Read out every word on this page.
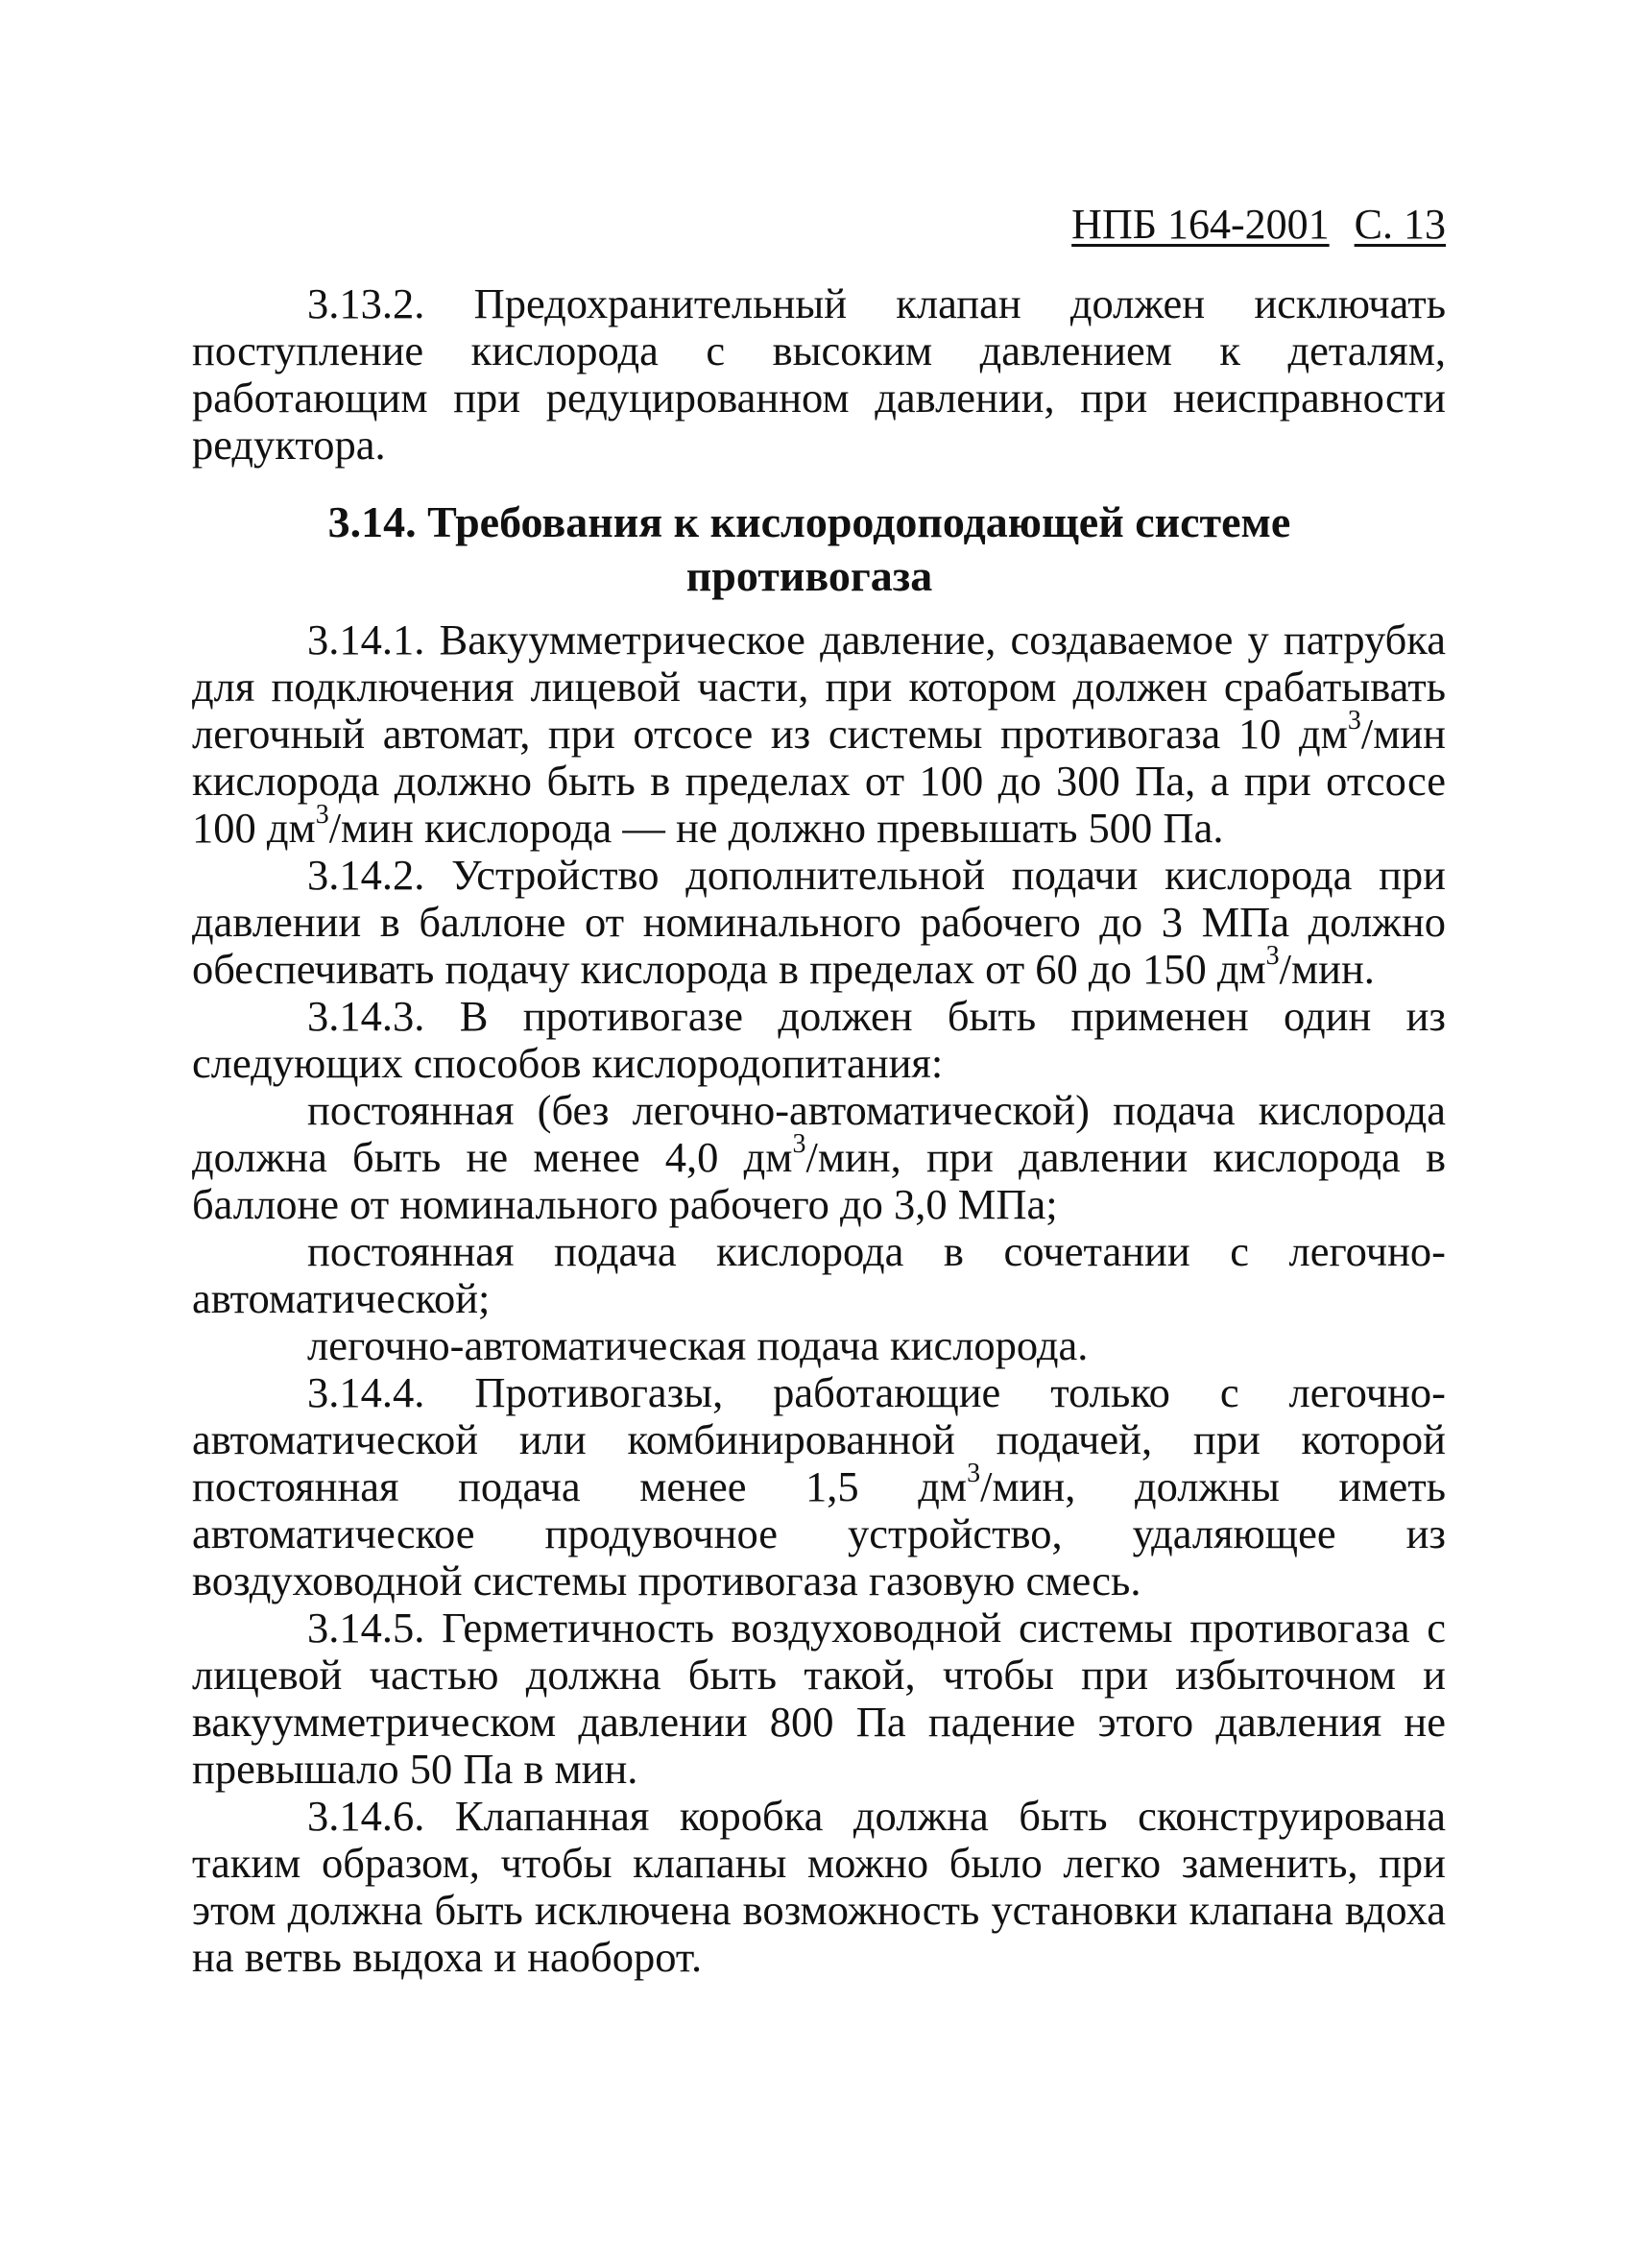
НПБ 164-2001 С. 13

3.13.2. Предохранительный клапан должен исключать поступление кислорода с высоким давлением к деталям, работающим при редуцированном давлении, при неисправности редуктора.

3.14. Требования к кислородоподающей системе противогаза

3.14.1. Вакуумметрическое давление, создаваемое у патрубка для подключения лицевой части, при котором должен срабатывать легочный автомат, при отсосе из системы противогаза 10 $дм^3$/мин кислорода должно быть в пределах от 100 до 300 Па, а при отсосе 100 $дм^3$/мин кислорода — не должно превышать 500 Па.

3.14.2. Устройство дополнительной подачи кислорода при давлении в баллоне от номинального рабочего до 3 МПа должно обеспечивать подачу кислорода в пределах от 60 до 150 $дм^3$/мин.

3.14.3. В противогазе должен быть применен один из следующих способов кислородопитания:

постоянная (без легочно-автоматической) подача кислорода должна быть не менее 4,0 $дм^3$/мин, при давлении кислорода в баллоне от номинального рабочего до 3,0 МПа;

постоянная подача кислорода в сочетании с легочно-автоматической;

легочно-автоматическая подача кислорода.

3.14.4. Противогазы, работающие только с легочно-автоматической или комбинированной подачей, при которой постоянная подача менее 1,5 $дм^3$/мин, должны иметь автоматическое продувочное устройство, удаляющее из воздуховодной системы противогаза газовую смесь.

3.14.5. Герметичность воздуховодной системы противогаза с лицевой частью должна быть такой, чтобы при избыточном и вакуумметрическом давлении 800 Па падение этого давления не превышало 50 Па в мин.

3.14.6. Клапанная коробка должна быть сконструирована таким образом, чтобы клапаны можно было легко заменить, при этом должна быть исключена возможность установки клапана вдоха на ветвь выдоха и наоборот.
